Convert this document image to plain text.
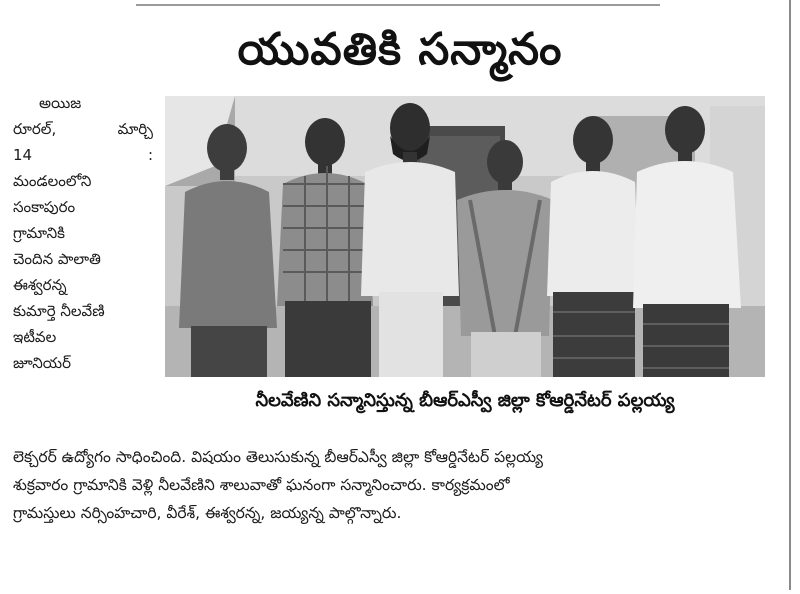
యువతికి సన్మానం
అయిజ
రూరల్,	మార్చి
14	:
మండలంలోని
సంకాపురం
గ్రామానికి
చెందిన పాలాతి
ఈశ్వరన్న
కుమార్తె నీలవేణి
ఇటీవల
జూనియర్
నీలవేణిని సన్మానిస్తున్న బీఆర్ఎస్వీ జిల్లా కోఆర్డినేటర్ పల్లయ్య
లెక్చరర్ ఉద్యోగం సాధించింది. విషయం తెలుసుకున్న బీఆర్ఎస్వీ జిల్లా కోఆర్డినేటర్ పల్లయ్య
శుక్రవారం గ్రామానికి వెళ్లి నీలవేణిని శాలువాతో ఘనంగా సన్మానించారు. కార్యక్రమంలో
గ్రామస్తులు నర్సింహచారి, వీరేశ్, ఈశ్వరన్న, జయ్యన్న పాల్గొన్నారు.
